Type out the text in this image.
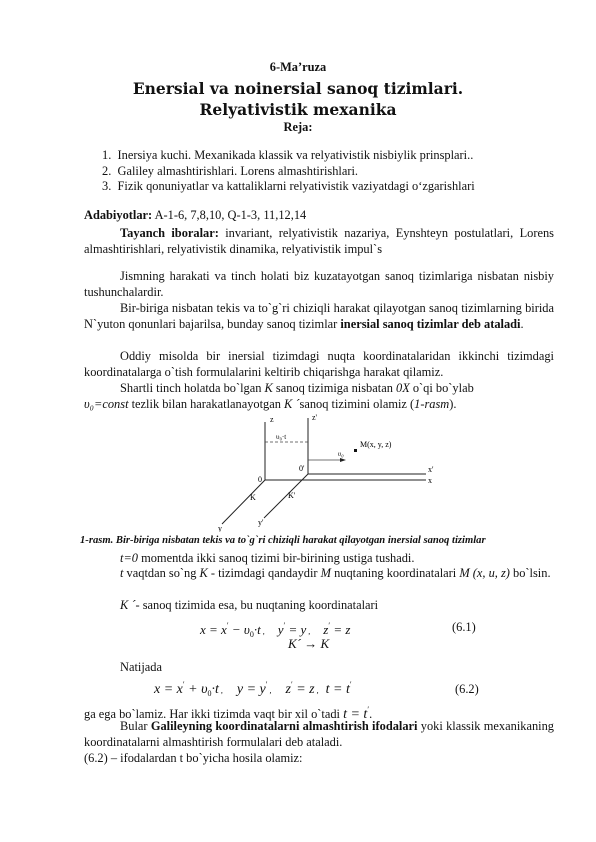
6-Ma’ruza
Enersial va noinersial sanoq tizimlari. Relyativistik mexanika
Reja:
1. Inersiya kuchi. Mexanikada klassik va relyativistik nisbiylik prinsplari..
2. Galiley almashtirishlari. Lorens almashtirishlari.
3. Fizik qonuniyatlar va kattaliklarni relyativistik vaziyatdagi o‘zgarishlari
Adabiyotlar: A-1-6, 7,8,10, Q-1-3, 11,12,14
Tayanch iboralar: invariant, relyativistik nazariya, Eynshteyn postulatlari, Lorens almashtirishlari, relyativistik dinamika, relyativistik impul`s
Jismning harakati va tinch holati biz kuzatayotgan sanoq tizimlariga nisbatan nisbiy tushunchalardir.
Bir-biriga nisbatan tekis va to`g`ri chiziqli harakat qilayotgan sanoq tizimlarning birida N`yuton qonunlari bajarilsa, bunday sanoq tizimlar inersial sanoq tizimlar deb ataladi.
Oddiy misolda bir inersial tizimdagi nuqta koordinatalaridan ikkinchi tizimdagi koordinatalarga o`tish formulalarini keltirib chiqarishga harakat qilamiz.
Shartli tinch holatda bo`lgan K sanoq tizimiga nisbatan 0X o`qi bo`ylab
υ₀=const tezlik bilan harakatlanayotgan K ´sanoq tizimini olamiz (1-rasm).
z	z'
x
x'
y
y'
0
0'
K	K'
M(x, y, z)
υ₀
υ₀·t
1-rasm. Bir-biriga nisbatan tekis va to`g`ri chiziqli harakat qilayotgan inersial sanoq tizimlar
t=0 momentda ikki sanoq tizimi bir-birining ustiga tushadi.
t vaqtdan so`ng K - tizimdagi qandaydir M nuqtaning koordinatalari M (x, u, z) bo`lsin.
K ´- sanoq tizimida esa, bu nuqtaning koordinatalari
$x = x' - \upsilon_0\cdot t$ ,    y′ = y ,    z′ = z	(6.1)
K´ → K
Natijada
$x = x' + \upsilon_0\cdot t$ ,    y = y′ ,    z′ = z ,  t = t′	(6.2)
ga ega bo`lamiz. Har ikki tizimda vaqt bir xil o`tadi t = t′.
Bular Galileyning koordinatalarni almashtirish ifodalari yoki klassik mexanikaning koordinatalarni almashtirish formulalari deb ataladi.
(6.2) – ifodalardan t bo`yicha hosila olamiz:
